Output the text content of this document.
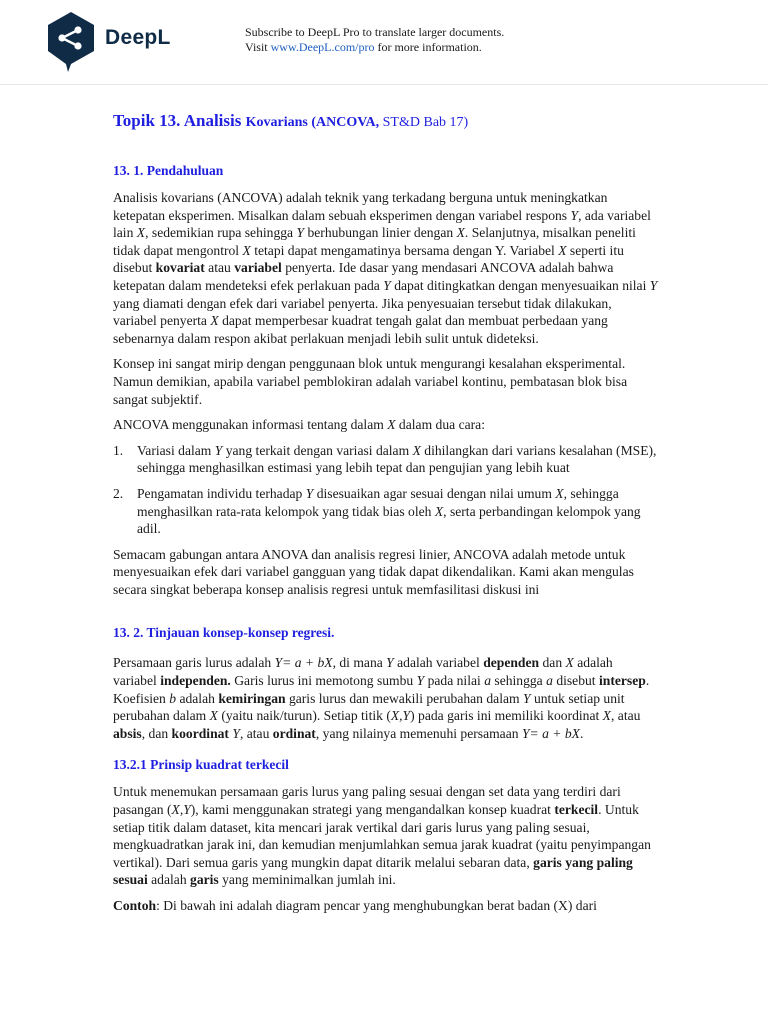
DeepL	Subscribe to DeepL Pro to translate larger documents.
Visit www.DeepL.com/pro for more information.
Topik 13. Analisis Kovarians (ANCOVA, ST&D Bab 17)
13. 1. Pendahuluan

Analisis kovarians (ANCOVA) adalah teknik yang terkadang berguna untuk meningkatkan ketepatan eksperimen. Misalkan dalam sebuah eksperimen dengan variabel respons Y, ada variabel lain X, sedemikian rupa sehingga Y berhubungan linier dengan X. Selanjutnya, misalkan peneliti tidak dapat mengontrol X tetapi dapat mengamatinya bersama dengan Y. Variabel X seperti itu disebut kovariat atau variabel penyerta. Ide dasar yang mendasari ANCOVA adalah bahwa ketepatan dalam mendeteksi efek perlakuan pada Y dapat ditingkatkan dengan menyesuaikan nilai Y yang diamati dengan efek dari variabel penyerta. Jika penyesuaian tersebut tidak dilakukan, variabel penyerta X dapat memperbesar kuadrat tengah galat dan membuat perbedaan yang sebenarnya dalam respon akibat perlakuan menjadi lebih sulit untuk dideteksi.

Konsep ini sangat mirip dengan penggunaan blok untuk mengurangi kesalahan eksperimental. Namun demikian, apabila variabel pemblokiran adalah variabel kontinu, pembatasan blok bisa sangat subjektif.

ANCOVA menggunakan informasi tentang dalam X dalam dua cara:

1. Variasi dalam Y yang terkait dengan variasi dalam X dihilangkan dari varians kesalahan (MSE), sehingga menghasilkan estimasi yang lebih tepat dan pengujian yang lebih kuat
2. Pengamatan individu terhadap Y disesuaikan agar sesuai dengan nilai umum X, sehingga menghasilkan rata-rata kelompok yang tidak bias oleh X, serta perbandingan kelompok yang adil.

Semacam gabungan antara ANOVA dan analisis regresi linier, ANCOVA adalah metode untuk menyesuaikan efek dari variabel gangguan yang tidak dapat dikendalikan. Kami akan mengulas secara singkat beberapa konsep analisis regresi untuk memfasilitasi diskusi ini

13. 2. Tinjauan konsep-konsep regresi.

Persamaan garis lurus adalah Y= a + bX, di mana Y adalah variabel dependen dan X adalah variabel independen. Garis lurus ini memotong sumbu Y pada nilai a sehingga a disebut intersep. Koefisien b adalah kemiringan garis lurus dan mewakili perubahan dalam Y untuk setiap unit perubahan dalam X (yaitu naik/turun). Setiap titik (X,Y) pada garis ini memiliki koordinat X, atau absis, dan koordinat Y, atau ordinat, yang nilainya memenuhi persamaan Y= a + bX.

13.2.1 Prinsip kuadrat terkecil

Untuk menemukan persamaan garis lurus yang paling sesuai dengan set data yang terdiri dari pasangan (X,Y), kami menggunakan strategi yang mengandalkan konsep kuadrat terkecil. Untuk setiap titik dalam dataset, kita mencari jarak vertikal dari garis lurus yang paling sesuai, mengkuadratkan jarak ini, dan kemudian menjumlahkan semua jarak kuadrat (yaitu penyimpangan vertikal). Dari semua garis yang mungkin dapat ditarik melalui sebaran data, garis yang paling sesuai adalah garis yang meminimalkan jumlah ini.

Contoh: Di bawah ini adalah diagram pencar yang menghubungkan berat badan (X) dari
